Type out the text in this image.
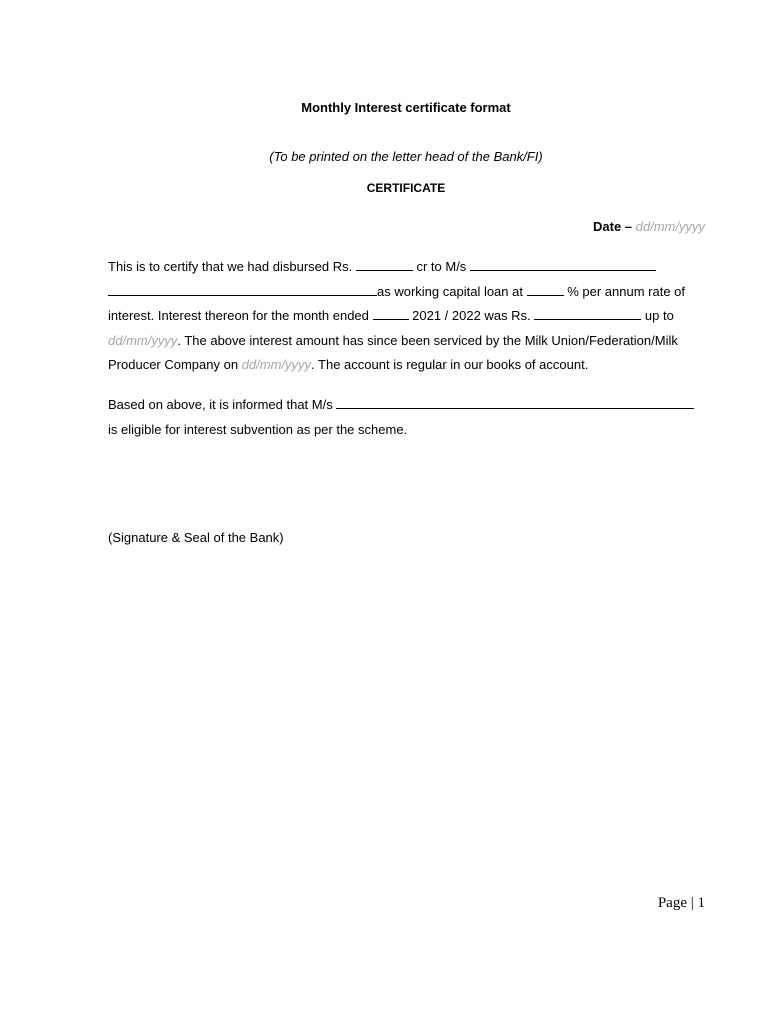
Monthly Interest certificate format
(To be printed on the letter head of the Bank/FI)
CERTIFICATE
Date – dd/mm/yyyy
This is to certify that we had disbursed Rs.	cr to M/s
as working capital loan at	% per annum rate of
interest. Interest thereon for the month ended	2021 / 2022 was Rs.	up to
dd/mm/yyyy. The above interest amount has since been serviced by the Milk Union/Federation/Milk
Producer Company on dd/mm/yyyy. The account is regular in our books of account.
Based on above, it is informed that M/s
is eligible for interest subvention as per the scheme.
(Signature & Seal of the Bank)
Page | 1
